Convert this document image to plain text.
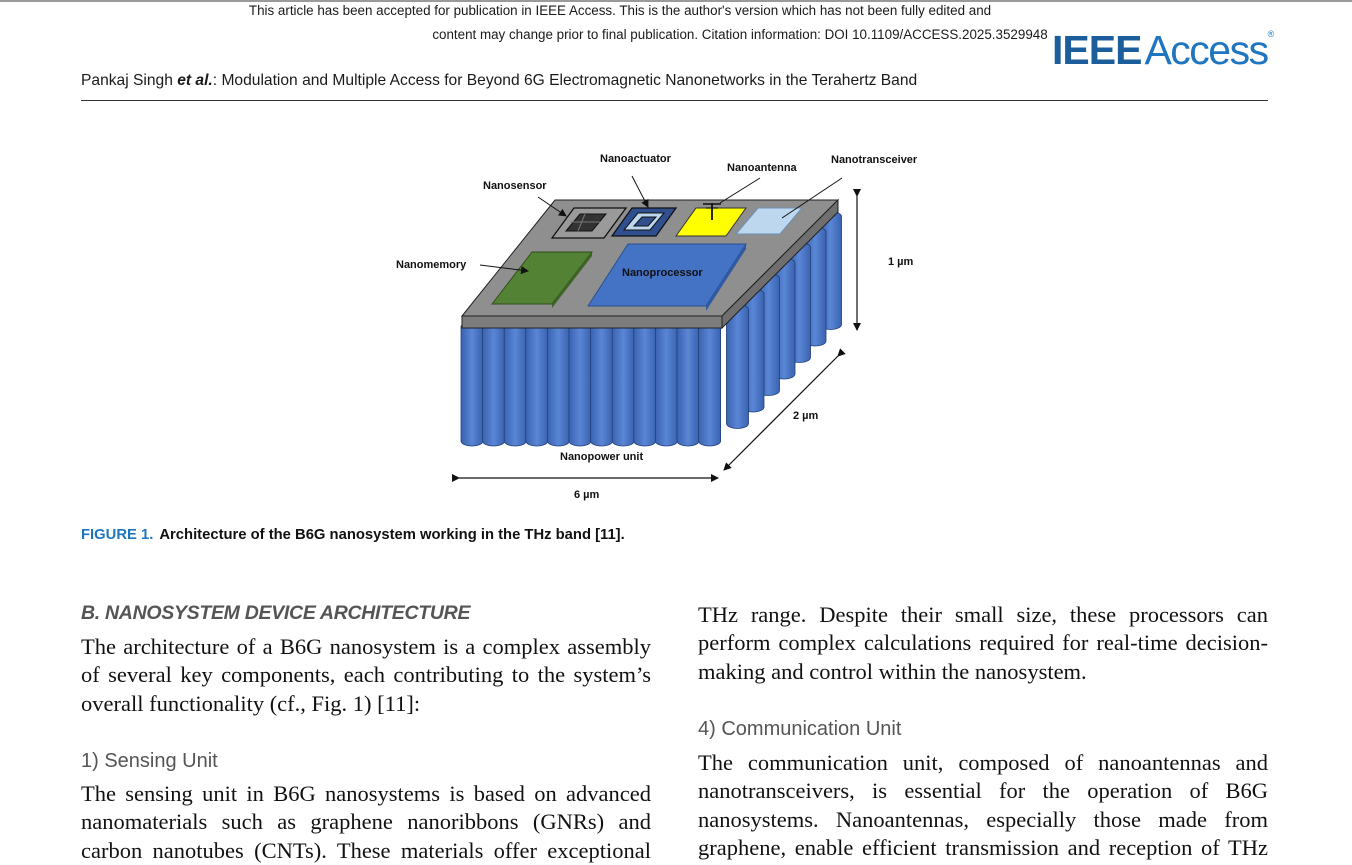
This article has been accepted for publication in IEEE Access. This is the author's version which has not been fully edited and
content may change prior to final publication. Citation information: DOI 10.1109/ACCESS.2025.3529948 IEEEAccess®
Pankaj Singh et al.: Modulation and Multiple Access for Beyond 6G Electromagnetic Nanonetworks in the Terahertz Band
Nanosensor
Nanoactuator
Nanoantenna
Nanotransceiver
Nanomemory
Nanoprocessor
Nanopower unit
1 µm
2 µm
6 µm
FIGURE 1. Architecture of the B6G nanosystem working in the THz band [11].
B. NANOSYSTEM DEVICE ARCHITECTURE
The architecture of a B6G nanosystem is a complex assembly
of several key components, each contributing to the system’s
overall functionality (cf., Fig. 1) [11]:
1) Sensing Unit
The sensing unit in B6G nanosystems is based on advanced
nanomaterials such as graphene nanoribbons (GNRs) and
carbon nanotubes (CNTs). These materials offer exceptional
THz range. Despite their small size, these processors can
perform complex calculations required for real-time decision-
making and control within the nanosystem.
4) Communication Unit
The communication unit, composed of nanoantennas and
nanotransceivers, is essential for the operation of B6G
nanosystems. Nanoantennas, especially those made from
graphene, enable efficient transmission and reception of THz
